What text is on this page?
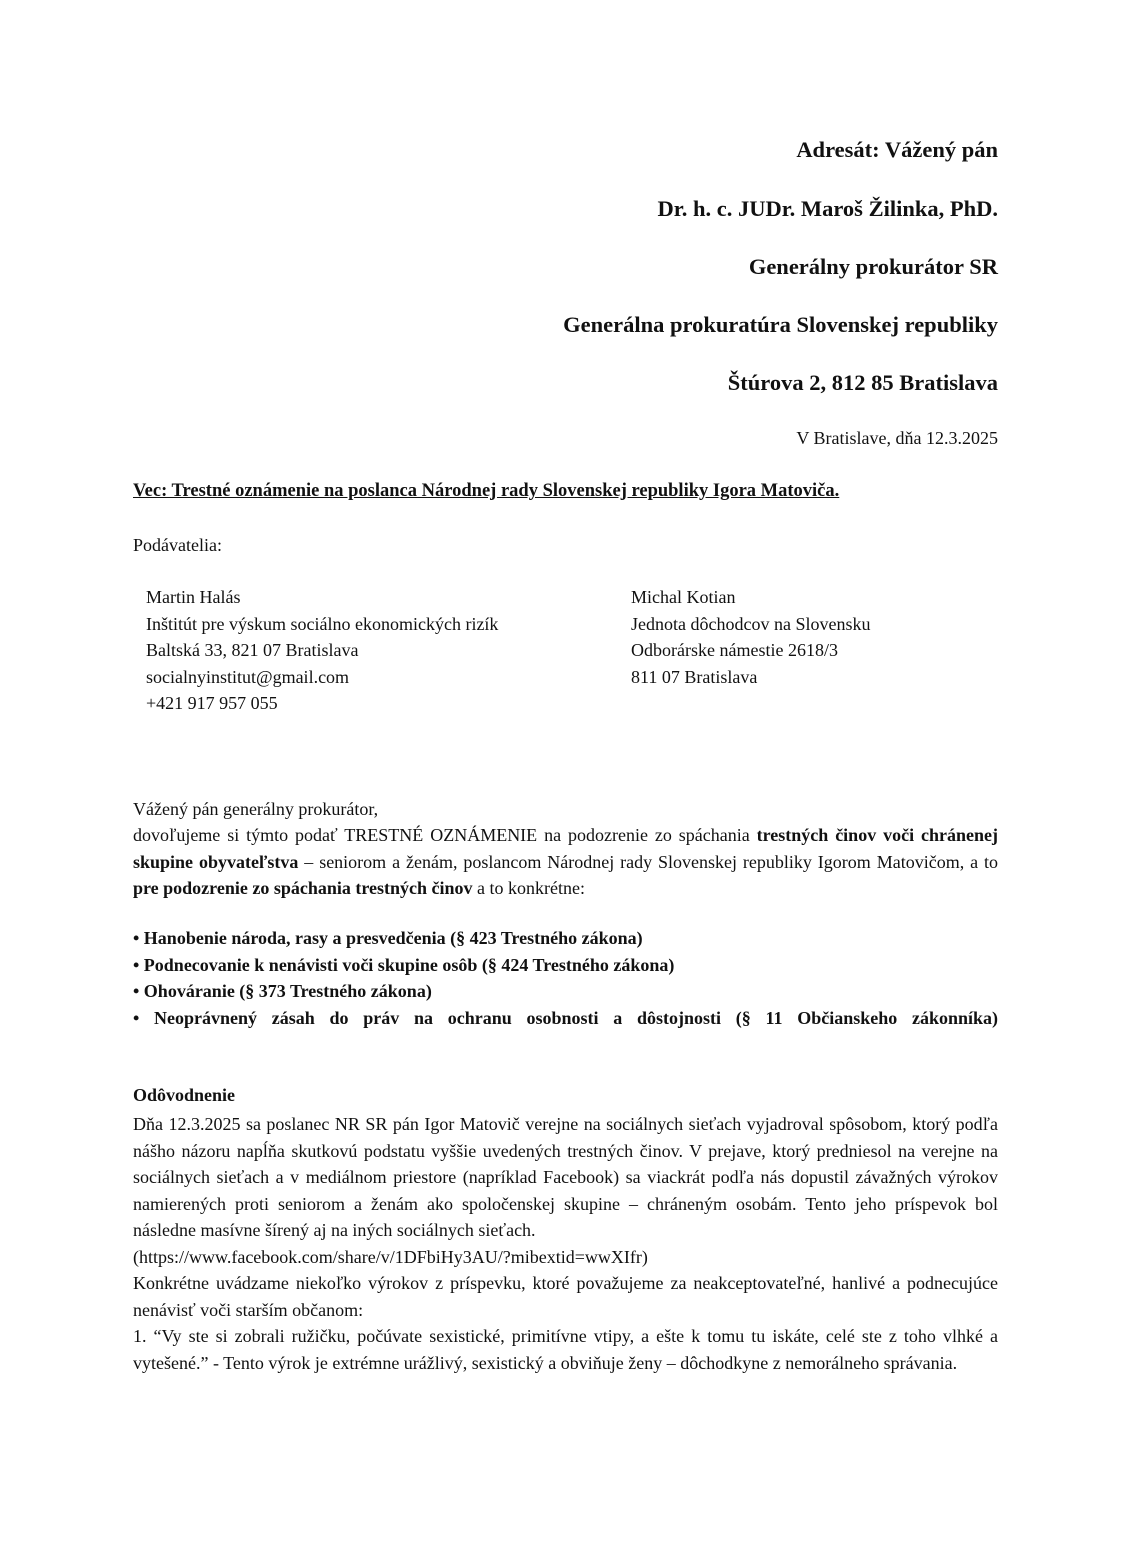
Adresát: Vážený pán
Dr. h. c. JUDr. Maroš Žilinka, PhD.
Generálny prokurátor SR
Generálna prokuratúra Slovenskej republiky
Štúrova 2, 812 85 Bratislava
V Bratislave, dňa 12.3.2025
Vec: Trestné oznámenie na poslanca Národnej rady Slovenskej republiky Igora Matoviča.
Podávatelia:
Martin Halás
Inštitút pre výskum sociálno ekonomických rizík
Baltská 33, 821 07 Bratislava
socialnyinstitut@gmail.com
+421 917 957 055
Michal Kotian
Jednota dôchodcov na Slovensku
Odborárske námestie 2618/3
811 07 Bratislava
Vážený pán generálny prokurátor,
dovoľujeme si týmto podať TRESTNÉ OZNÁMENIE na podozrenie zo spáchania trestných činov voči chránenej skupine obyvateľstva – seniorom a ženám, poslancom Národnej rady Slovenskej republiky Igorom Matovičom, a to pre podozrenie zo spáchania trestných činov a to konkrétne:
• Hanobenie národa, rasy a presvedčenia (§ 423 Trestného zákona)
• Podnecovanie k nenávisti voči skupine osôb (§ 424 Trestného zákona)
• Ohováranie (§ 373 Trestného zákona)
• Neoprávnený zásah do práv na ochranu osobnosti a dôstojnosti (§ 11 Občianskeho zákonníka)
Odôvodnenie
Dňa 12.3.2025 sa poslanec NR SR pán Igor Matovič verejne na sociálnych sieťach vyjadroval spôsobom, ktorý podľa nášho názoru napĺňa skutkovú podstatu vyššie uvedených trestných činov. V prejave, ktorý predniesol na verejne na sociálnych sieťach a v mediálnom priestore (napríklad Facebook) sa viackrát podľa nás dopustil závažných výrokov namierených proti seniorom a ženám ako spoločenskej skupine – chráneným osobám. Tento jeho príspevok bol následne masívne šírený aj na iných sociálnych sieťach.
(https://www.facebook.com/share/v/1DFbiHy3AU/?mibextid=wwXIfr)
Konkrétne uvádzame niekoľko výrokov z príspevku, ktoré považujeme za neakceptovateľné, hanlivé a podnecujúce nenávisť voči starším občanom:
1. “Vy ste si zobrali ružičku, počúvate sexistické, primitívne vtipy, a ešte k tomu tu iskáte, celé ste z toho vlhké a vytešené.” - Tento výrok je extrémne urážlivý, sexistický a obviňuje ženy – dôchodkyne z nemorálneho správania.
